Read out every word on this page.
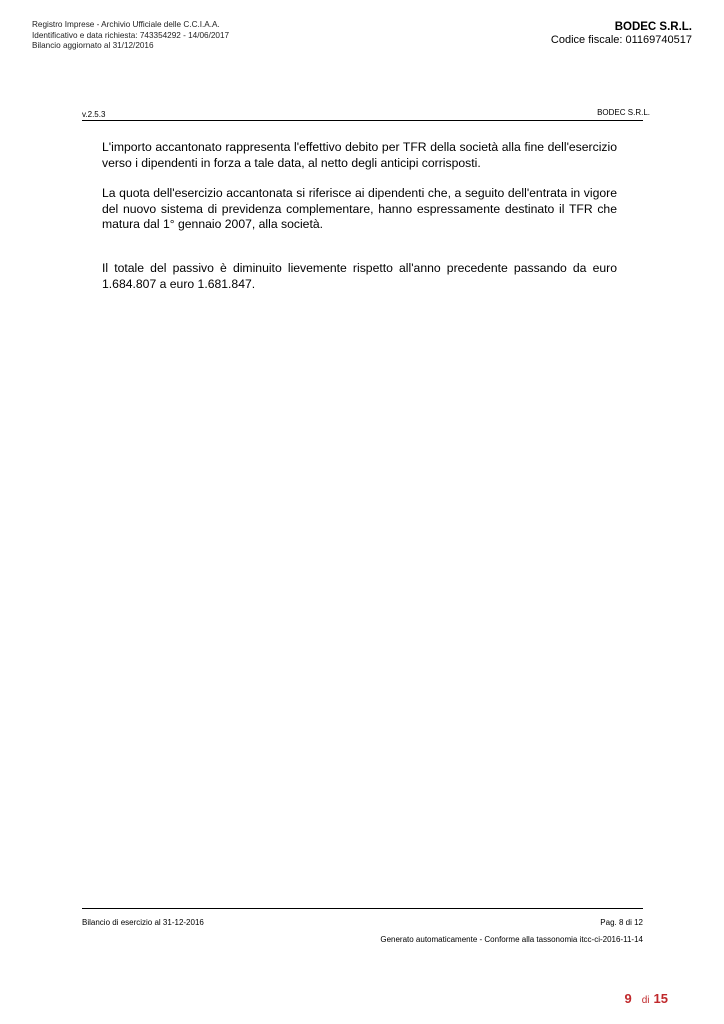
Registro Imprese - Archivio Ufficiale delle C.C.I.A.A.
Identificativo e data richiesta: 743354292 - 14/06/2017
Bilancio aggiornato al 31/12/2016
BODEC S.R.L.
Codice fiscale: 01169740517
v.2.5.3	BODEC S.R.L.

L'importo accantonato rappresenta l'effettivo debito per TFR della società alla fine dell'esercizio verso i dipendenti in forza a tale data, al netto degli anticipi corrisposti.

La quota dell'esercizio accantonata si riferisce ai dipendenti che, a seguito dell'entrata in vigore del nuovo sistema di previdenza complementare, hanno espressamente destinato il TFR che matura dal 1° gennaio 2007, alla società.

Il totale del passivo è diminuito lievemente rispetto all'anno precedente passando da euro 1.684.807 a euro 1.681.847.

Bilancio di esercizio al 31-12-2016	Pag. 8 di 12
Generato automaticamente - Conforme alla tassonomia itcc-ci-2016-11-14
9 di 15
